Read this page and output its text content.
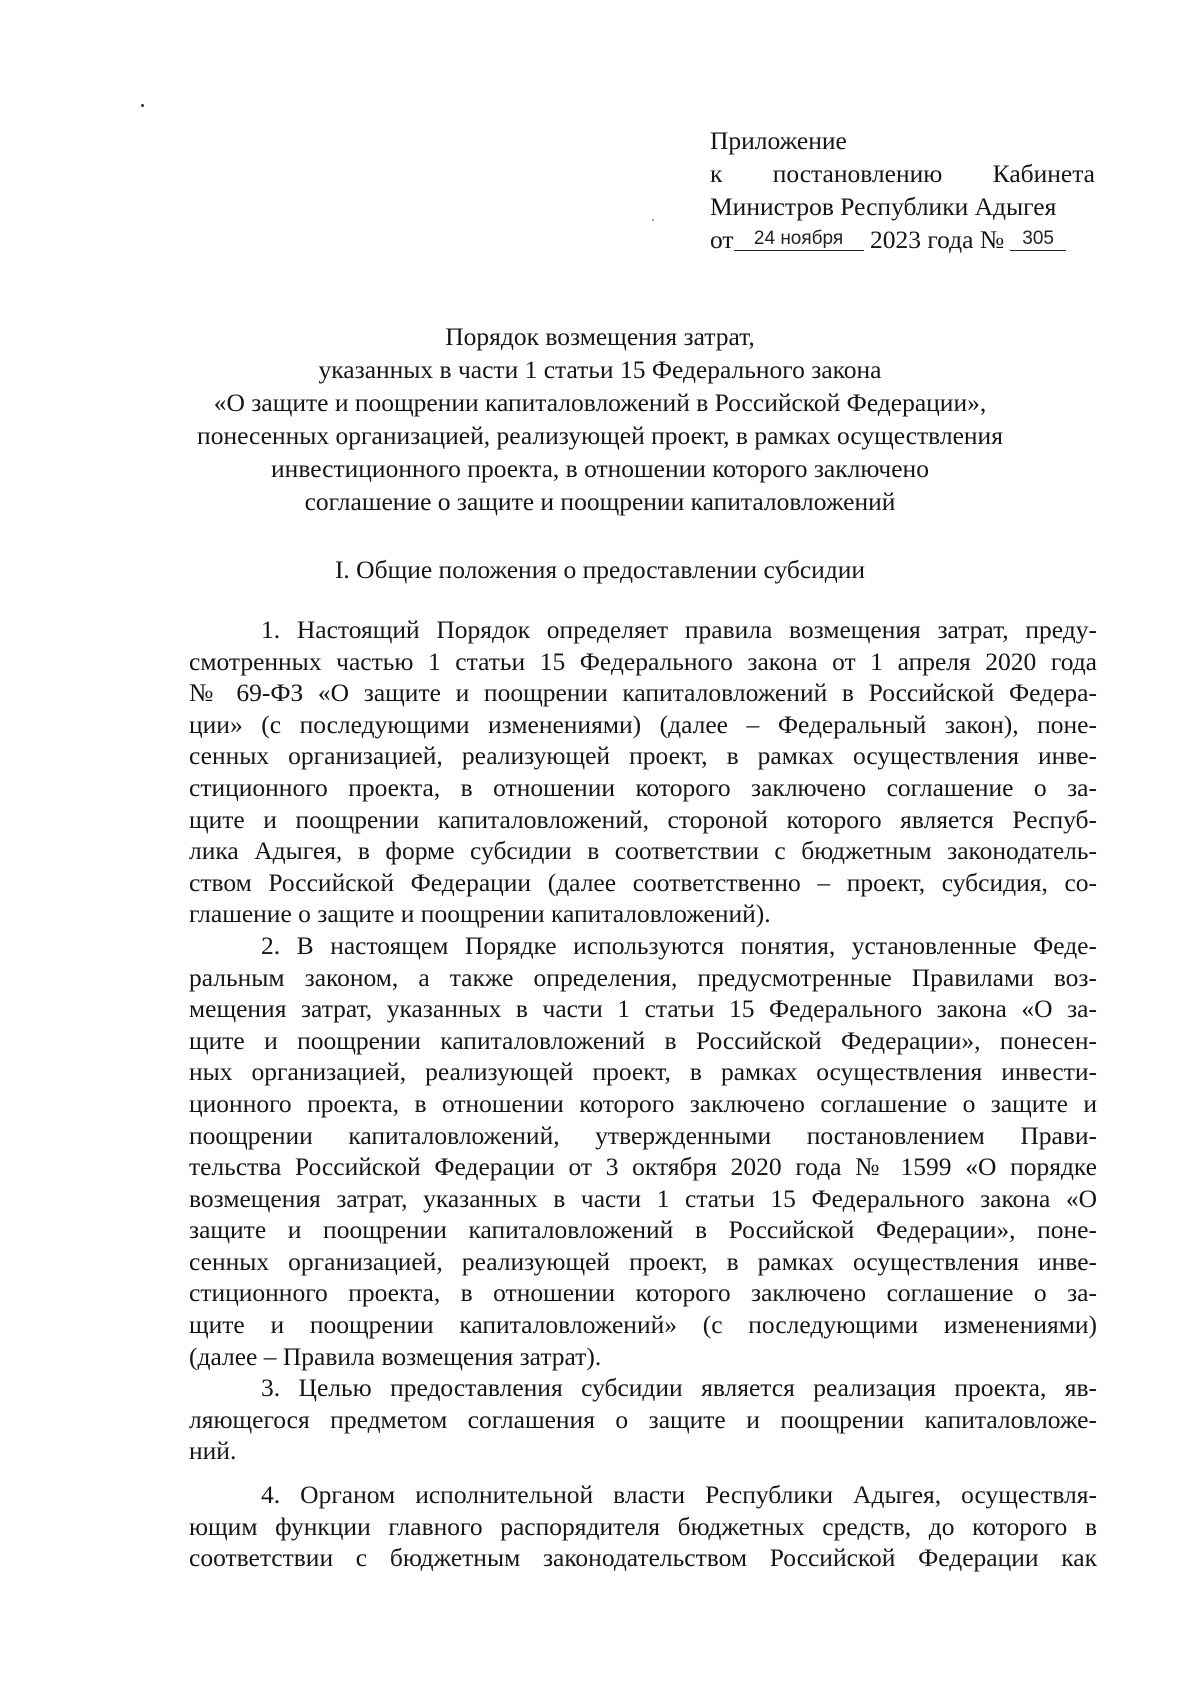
Приложение
к постановлению Кабинета
Министров Республики Адыгея
от 24 ноября 2023 года № 305
Порядок возмещения затрат,
указанных в части 1 статьи 15 Федерального закона
«О защите и поощрении капиталовложений в Российской Федерации»,
понесенных организацией, реализующей проект, в рамках осуществления
инвестиционного проекта, в отношении которого заключено
соглашение о защите и поощрении капиталовложений
I. Общие положения о предоставлении субсидии
1. Настоящий Порядок определяет правила возмещения затрат, преду-
смотренных частью 1 статьи 15 Федерального закона от 1 апреля 2020 года
№ 69-ФЗ «О защите и поощрении капиталовложений в Российской Федера-
ции» (с последующими изменениями) (далее – Федеральный закон), поне-
сенных организацией, реализующей проект, в рамках осуществления инве-
стиционного проекта, в отношении которого заключено соглашение о за-
щите и поощрении капиталовложений, стороной которого является Респуб-
лика Адыгея, в форме субсидии в соответствии с бюджетным законодатель-
ством Российской Федерации (далее соответственно – проект, субсидия, со-
глашение о защите и поощрении капиталовложений).
2. В настоящем Порядке используются понятия, установленные Феде-
ральным законом, а также определения, предусмотренные Правилами воз-
мещения затрат, указанных в части 1 статьи 15 Федерального закона «О за-
щите и поощрении капиталовложений в Российской Федерации», понесен-
ных организацией, реализующей проект, в рамках осуществления инвести-
ционного проекта, в отношении которого заключено соглашение о защите и
поощрении капиталовложений, утвержденными постановлением Прави-
тельства Российской Федерации от 3 октября 2020 года № 1599 «О порядке
возмещения затрат, указанных в части 1 статьи 15 Федерального закона «О
защите и поощрении капиталовложений в Российской Федерации», поне-
сенных организацией, реализующей проект, в рамках осуществления инве-
стиционного проекта, в отношении которого заключено соглашение о за-
щите и поощрении капиталовложений» (с последующими изменениями)
(далее – Правила возмещения затрат).
3. Целью предоставления субсидии является реализация проекта, яв-
ляющегося предметом соглашения о защите и поощрении капиталовложе-
ний.
4. Органом исполнительной власти Республики Адыгея, осуществля-
ющим функции главного распорядителя бюджетных средств, до которого в
соответствии с бюджетным законодательством Российской Федерации как
